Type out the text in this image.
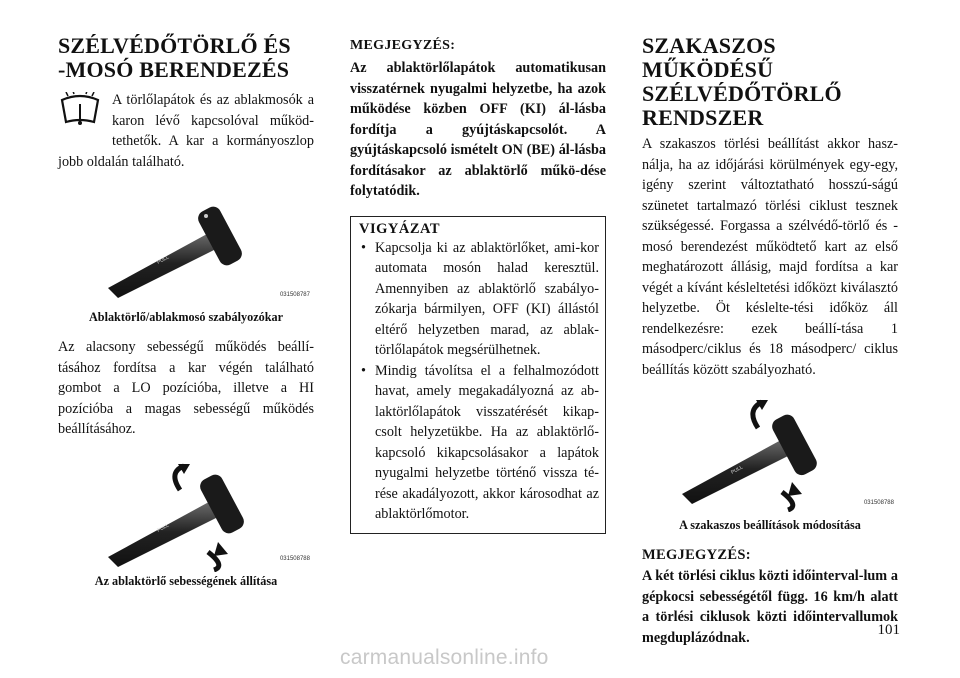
SZÉLVÉDŐTÖRLŐ ÉS
-MOSÓ BERENDEZÉS

A törlőlapátok és az ablakmosók a karon lévő kapcsolóval működ-tethetők. A kar a kormányoszlop jobb oldalán található.

PULL
031508787
Ablaktörlő/ablakmosó szabályozókar

Az alacsony sebességű működés beállí-tásához fordítsa a kar végén található gombot a LO pozícióba, illetve a HI pozícióba a magas sebességű működés beállításához.

PULL
031508788
Az ablaktörlő sebességének állítása
MEGJEGYZÉS:
Az ablaktörlőlapátok automatikusan visszatérnek nyugalmi helyzetbe, ha azok működése közben OFF (KI) ál-lásba fordítja a gyújtáskapcsolót. A gyújtáskapcsoló ismételt ON (BE) ál-lásba fordításakor az ablaktörlő műkö-dése folytatódik.
VIGYÁZAT
• Kapcsolja ki az ablaktörlőket, ami-kor automata mosón halad keresztül. Amennyiben az ablaktörlő szabályo-zókarja bármilyen, OFF (KI) állástól eltérő helyzetben marad, az ablak-törlőlapátok megsérülhetnek.
• Mindig távolítsa el a felhalmozódott havat, amely megakadályozná az ab-laktörlőlapátok visszatérését kikap-csolt helyzetükbe. Ha az ablaktörlő-kapcsoló kikapcsolásakor a lapátok nyugalmi helyzetbe történő vissza té-rése akadályozott, akkor károsodhat az ablaktörlőmotor.
SZAKASZOS MŰKÖDÉSŰ
SZÉLVÉDŐTÖRLŐ
RENDSZER

A szakaszos törlési beállítást akkor hasz-nálja, ha az időjárási körülmények egy-egy, igény szerint változtatható hosszú-ságú szünetet tartalmazó törlési ciklust tesznek szükségessé. Forgassa a szélvédő-törlő és -mosó berendezést működtető kart az első meghatározott állásig, majd fordítsa a kar végét a kívánt késleltetési időközt kiválasztó helyzetbe. Öt késlelte-tési időköz áll rendelkezésre: ezek beállí-tása 1 másodperc/ciklus és 18 másodperc/ ciklus beállítás között szabályozható.

PULL
031508788
A szakaszos beállítások módosítása
MEGJEGYZÉS:
A két törlési ciklus közti időinterval-lum a gépkocsi sebességétől függ. 16 km/h alatt a törlési ciklusok közti időintervallumok megduplázódnak.	101
carmanualsonline.info
